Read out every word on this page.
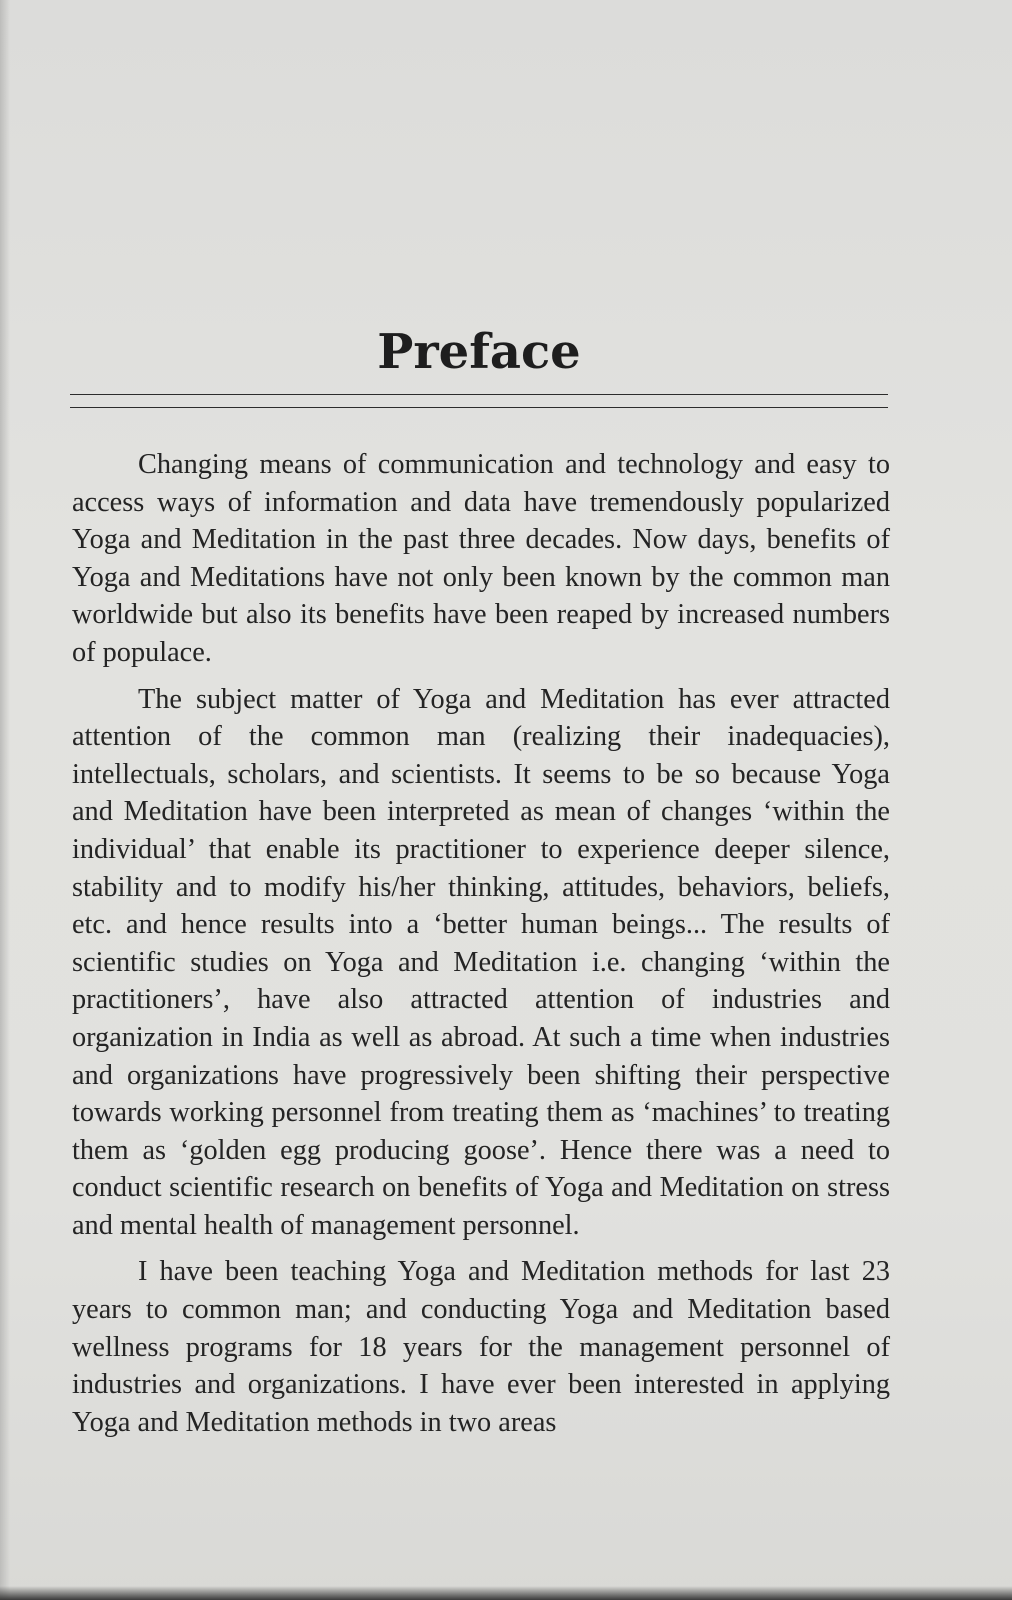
Preface

Changing means of communication and technology and easy to access ways of information and data have tremendously popularized Yoga and Meditation in the past three decades. Now days, benefits of Yoga and Meditations have not only been known by the common man worldwide but also its benefits have been reaped by increased numbers of populace.

The subject matter of Yoga and Meditation has ever attracted attention of the common man (realizing their inadequacies), intellectuals, scholars, and scientists. It seems to be so because Yoga and Meditation have been interpreted as mean of changes ‘within the individual’ that enable its practitioner to experience deeper silence, stability and to modify his/her thinking, attitudes, behaviors, beliefs, etc. and hence results into a ‘better human beings... The results of scientific studies on Yoga and Meditation i.e. changing ‘within the practitioners’, have also attracted attention of industries and organization in India as well as abroad. At such a time when industries and organizations have progressively been shifting their perspective towards working personnel from treating them as ‘machines’ to treating them as ‘golden egg producing goose’. Hence there was a need to conduct scientific research on benefits of Yoga and Meditation on stress and mental health of management personnel.

I have been teaching Yoga and Meditation methods for last 23 years to common man; and conducting Yoga and Meditation based wellness programs for 18 years for the management personnel of industries and organizations. I have ever been interested in applying Yoga and Meditation methods in two areas
